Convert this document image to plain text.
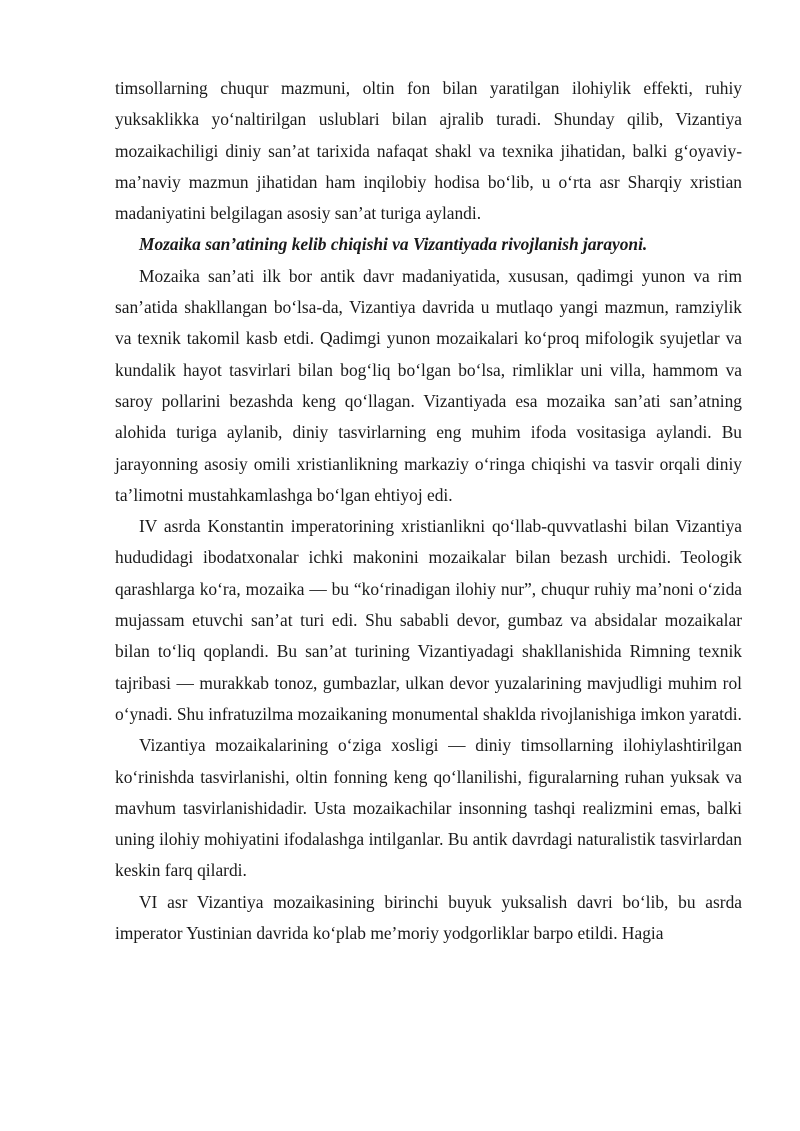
timsollarning chuqur mazmuni, oltin fon bilan yaratilgan ilohiylik effekti, ruhiy yuksaklikka yo‘naltirilgan uslublari bilan ajralib turadi. Shunday qilib, Vizantiya mozaikachiligi diniy san’at tarixida nafaqat shakl va texnika jihatidan, balki g‘oyaviy-ma’naviy mazmun jihatidan ham inqilobiy hodisa bo‘lib, u o‘rta asr Sharqiy xristian madaniyatini belgilagan asosiy san’at turiga aylandi.

Mozaika san’atining kelib chiqishi va Vizantiyada rivojlanish jarayoni.

Mozaika san’ati ilk bor antik davr madaniyatida, xususan, qadimgi yunon va rim san’atida shakllangan bo‘lsa-da, Vizantiya davrida u mutlaqo yangi mazmun, ramziylik va texnik takomil kasb etdi. Qadimgi yunon mozaikalari ko‘proq mifologik syujetlar va kundalik hayot tasvirlari bilan bog‘liq bo‘lgan bo‘lsa, rimliklar uni villa, hammom va saroy pollarini bezashda keng qo‘llagan. Vizantiyada esa mozaika san’ati san’atning alohida turiga aylanib, diniy tasvirlarning eng muhim ifoda vositasiga aylandi. Bu jarayonning asosiy omili xristianlikning markaziy o‘ringa chiqishi va tasvir orqali diniy ta’limotni mustahkamlashga bo‘lgan ehtiyoj edi.

IV asrda Konstantin imperatorining xristianlikni qo‘llab-quvvatlashi bilan Vizantiya hududidagi ibodatxonalar ichki makonini mozaikalar bilan bezash urchidi. Teologik qarashlarga ko‘ra, mozaika — bu “ko‘rinadigan ilohiy nur”, chuqur ruhiy ma’noni o‘zida mujassam etuvchi san’at turi edi. Shu sababli devor, gumbaz va absidalar mozaikalar bilan to‘liq qoplandi. Bu san’at turining Vizantiyadagi shakllanishida Rimning texnik tajribasi — murakkab tonoz, gumbazlar, ulkan devor yuzalarining mavjudligi muhim rol o‘ynadi. Shu infratuzilma mozaikaning monumental shaklda rivojlanishiga imkon yaratdi.

Vizantiya mozaikalarining o‘ziga xosligi — diniy timsollarning ilohiylashtirilgan ko‘rinishda tasvirlanishi, oltin fonning keng qo‘llanilishi, figuralarning ruhan yuksak va mavhum tasvirlanishidadir. Usta mozaikachilar insonning tashqi realizmini emas, balki uning ilohiy mohiyatini ifodalashga intilganlar. Bu antik davrdagi naturalistik tasvirlardan keskin farq qilardi.

VI asr Vizantiya mozaikasining birinchi buyuk yuksalish davri bo‘lib, bu asrda imperator Yustinian davrida ko‘plab me’moriy yodgorliklar barpo etildi. Hagia
